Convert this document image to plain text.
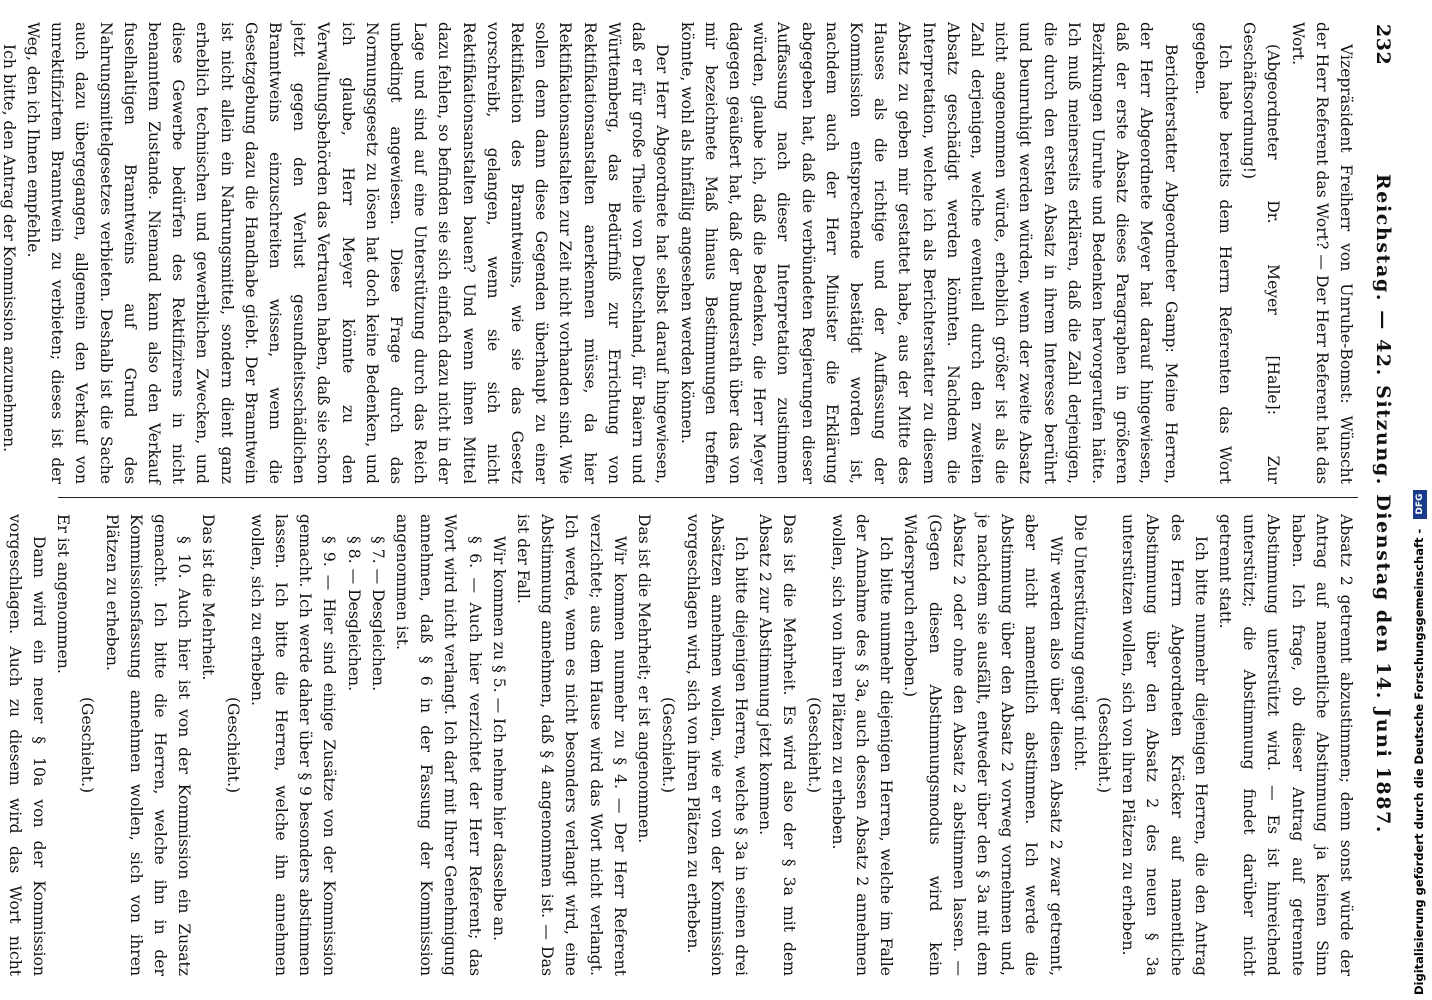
232
Reichstag. — 42. Sitzung. Dienstag den 14. Juni 1887.

Vizepräsident Freiherr von Unruhe-Bomst: Wünscht der Herr Referent das Wort? — Der Herr Referent hat das Wort.

(Abgeordneter Dr. Meyer [Halle]: Zur Geschäftsordnung!)

Ich habe bereits dem Herrn Referenten das Wort gegeben.

Berichterstatter Abgeordneter Gamp: Meine Herren, der Herr Abgeordnete Meyer hat darauf hingewiesen, daß der erste Absatz dieses Paragraphen in größeren Bezirkungen Unruhe und Bedenken hervorgerufen hätte. Ich muß meinerseits erklären, daß die Zahl derjenigen, die durch den ersten Absatz in ihrem Interesse berührt und beunruhigt werden würden, wenn der zweite Absatz nicht angenommen würde, erheblich größer ist als die Zahl derjenigen, welche eventuell durch den zweiten Absatz geschädigt werden könnten. Nachdem die Interpretation, welche ich als Berichterstatter zu diesem Absatz zu geben mir gestattet habe, aus der Mitte des Hauses als die richtige und der Auffassung der Kommission entsprechende bestätigt worden ist, nachdem auch der Herr Minister die Erklärung abgegeben hat, daß die verbündeten Regierungen dieser Auffassung nach dieser Interpretation zustimmen würden, glaube ich, daß die Bedenken, die Herr Meyer dagegen geäußert hat, daß der Bundesrath über das von mir bezeichnete Maß hinaus Bestimmungen treffen könnte, wohl als hinfällig angesehen werden können.

Der Herr Abgeordnete hat selbst darauf hingewiesen, daß er für große Theile von Deutschland, für Baiern und Württemberg, das Bedürfniß zur Errichtung von Rektifikationsanstalten anerkennen müsse, da hier Rektifikationsanstalten zur Zeit nicht vorhanden sind. Wie sollen denn dann diese Gegenden überhaupt zu einer Rektifikation des Branntweins, wie sie das Gesetz vorschreibt, gelangen, wenn sie sich nicht Rektifikationsanstalten bauen? Und wenn ihnen Mittel dazu fehlen, so befinden sie sich einfach dazu nicht in der Lage und sind auf eine Unterstützung durch das Reich unbedingt angewiesen. Diese Frage durch das Normungsgesetz zu lösen hat doch keine Bedenken, und ich glaube, Herr Meyer könnte zu den Verwaltungsbehörden das Vertrauen haben, daß sie schon jetzt gegen den Verlust gesundheitsschädlichen Branntweins einzuschreiten wissen, wenn die Gesetzgebung dazu die Handhabe giebt. Der Branntwein ist nicht allein ein Nahrungsmittel, sondern dient ganz erheblich technischen und gewerblichen Zwecken, und diese Gewerbe bedürfen des Rektifizirens in nicht benanntem Zustande. Niemand kann also den Verkauf fuselhaltigen Branntweins auf Grund des Nahrungsmittelgesetzes verbieten. Deshalb ist die Sache auch dazu übergegangen, allgemein den Verkauf von unrektifizirtem Branntwein zu verbieten; dieses ist der Weg, den ich Ihnen empfehle.

Ich bitte, den Antrag der Kommission anzunehmen.

Absatz 2 getrennt abzustimmen; denn sonst würde der Antrag auf namentliche Abstimmung ja keinen Sinn haben. Ich frage, ob dieser Antrag auf getrennte Abstimmung unterstützt wird. — Es ist hinreichend unterstützt; die Abstimmung findet darüber nicht getrennt statt.

Ich bitte nunmehr diejenigen Herren, die den Antrag des Herrn Abgeordneten Kräcker auf namentliche Abstimmung über den Absatz 2 des neuen § 3a unterstützen wollen, sich von ihren Plätzen zu erheben.

(Geschieht.)

Die Unterstützung genügt nicht.

Wir werden also über diesen Absatz 2 zwar getrennt, aber nicht namentlich abstimmen. Ich werde die Abstimmung über den Absatz 2 vorweg vornehmen und, je nachdem sie ausfällt, entweder über den § 3a mit dem Absatz 2 oder ohne den Absatz 2 abstimmen lassen. — (Gegen diesen Abstimmungsmodus wird kein Widerspruch erhoben.)

Ich bitte nunmehr diejenigen Herren, welche im Falle der Annahme des § 3a, auch dessen Absatz 2 annehmen wollen, sich von ihren Plätzen zu erheben.

(Geschieht.)

Das ist die Mehrheit. Es wird also der § 3a mit dem Absatz 2 zur Abstimmung jetzt kommen.

Ich bitte diejenigen Herren, welche § 3a in seinen drei Absätzen annehmen wollen, wie er von der Kommission vorgeschlagen wird, sich von ihren Plätzen zu erheben.

(Geschieht.)

Das ist die Mehrheit; er ist angenommen.

Wir kommen nunmehr zu § 4. — Der Herr Referent verzichtet; aus dem Hause wird das Wort nicht verlangt. Ich werde, wenn es nicht besonders verlangt wird, eine Abstimmung annehmen, daß § 4 angenommen ist. — Das ist der Fall.

Wir kommen zu § 5. — Ich nehme hier dasselbe an.

§ 6. — Auch hier verzichtet der Herr Referent; das Wort wird nicht verlangt. Ich darf mit Ihrer Genehmigung annehmen, daß § 6 in der Fassung der Kommission angenommen ist.

§ 7. — Desgleichen.

§ 8. — Desgleichen.

§ 9. — Hier sind einige Zusätze von der Kommission gemacht. Ich werde daher über § 9 besonders abstimmen lassen. Ich bitte die Herren, welche ihn annehmen wollen, sich zu erheben.

(Geschieht.)

Das ist die Mehrheit.

§ 10. Auch hier ist von der Kommission ein Zusatz gemacht. Ich bitte die Herren, welche ihn in der Kommissionsfassung annehmen wollen, sich von ihren Plätzen zu erheben.

(Geschieht.)

Er ist angenommen.

Dann wird ein neuer § 10a von der Kommission vorgeschlagen. Auch zu diesem wird das Wort nicht	Digitalisierung gefördert durch die Deutsche Forschungsgemeinschaft - DFG
